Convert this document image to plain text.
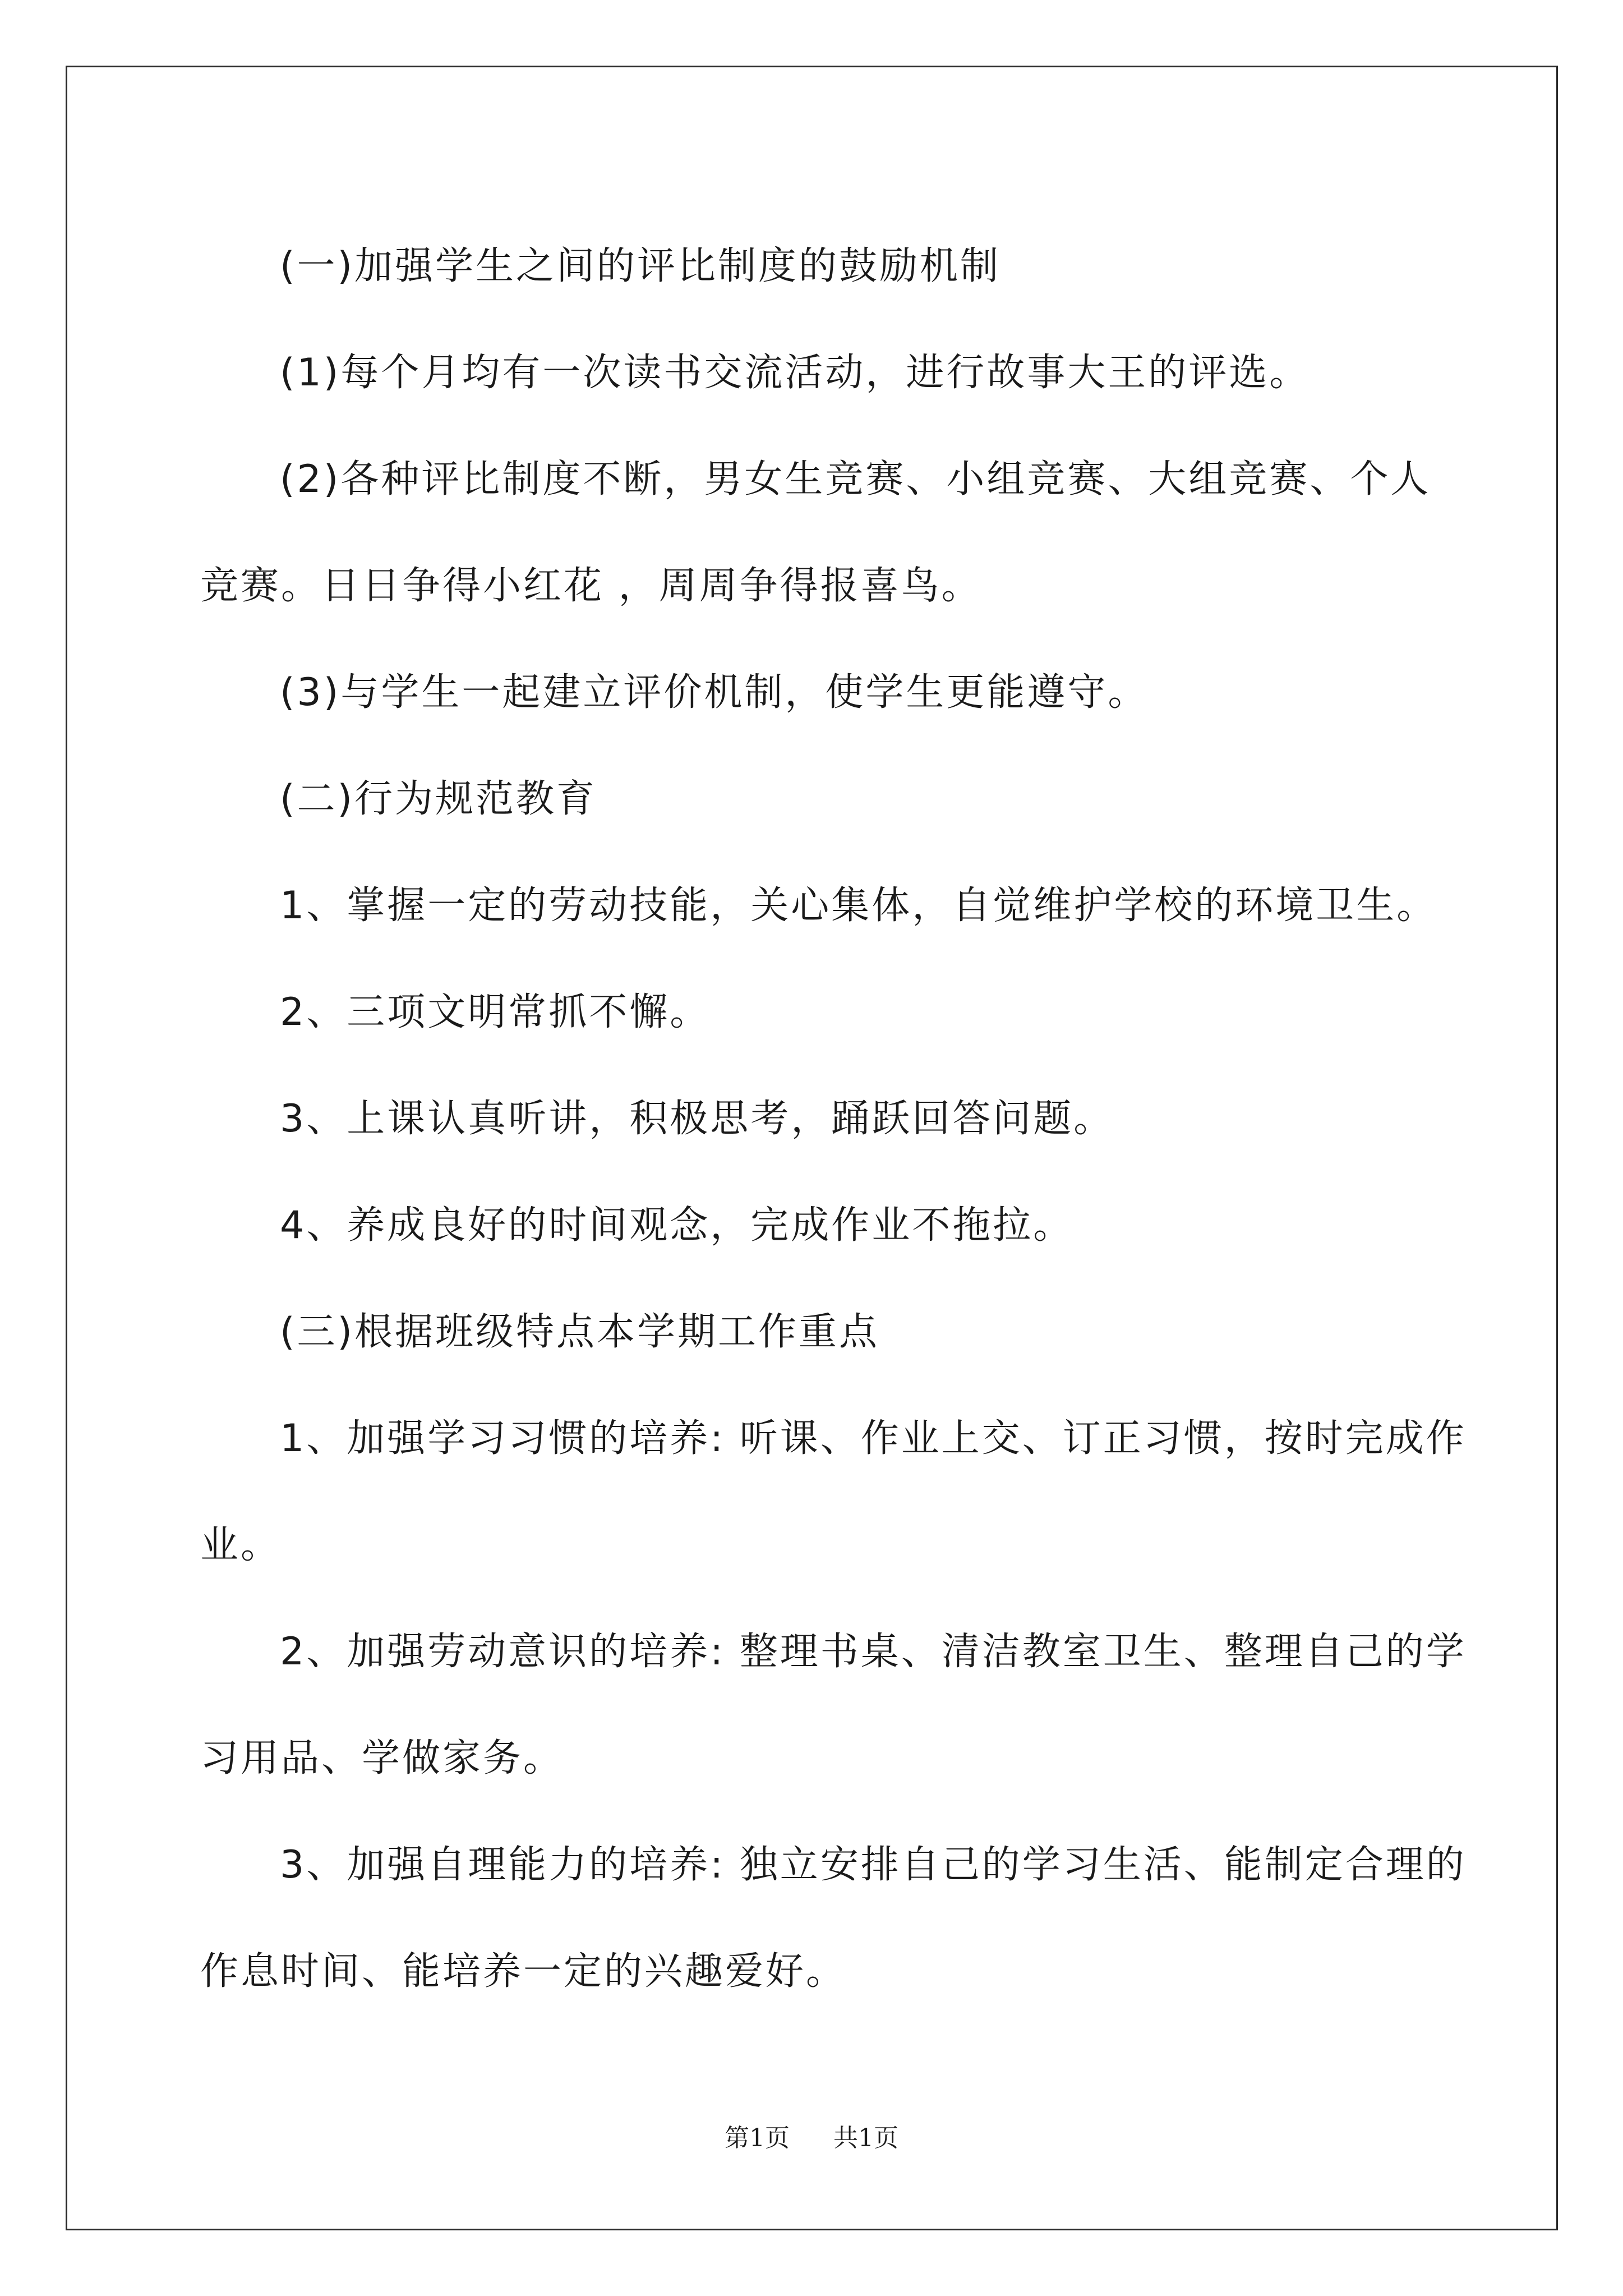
(一)加强学生之间的评比制度的鼓励机制

(1)每个月均有一次读书交流活动，进行故事大王的评选。

(2)各种评比制度不断，男女生竞赛、小组竞赛、大组竞赛、个人竞赛。日日争得小红花 ，周周争得报喜鸟。

(3)与学生一起建立评价机制，使学生更能遵守。

(二)行为规范教育

1、掌握一定的劳动技能，关心集体，自觉维护学校的环境卫生。

2、三项文明常抓不懈。

3、上课认真听讲，积极思考，踊跃回答问题。

4、养成良好的时间观念，完成作业不拖拉。

(三)根据班级特点本学期工作重点

1、加强学习习惯的培养: 听课、作业上交、订正习惯，按时完成作业。

2、加强劳动意识的培养: 整理书桌、清洁教室卫生、整理自己的学习用品、学做家务。

3、加强自理能力的培养: 独立安排自己的学习生活、能制定合理的作息时间、能培养一定的兴趣爱好。

第1页 共1页
